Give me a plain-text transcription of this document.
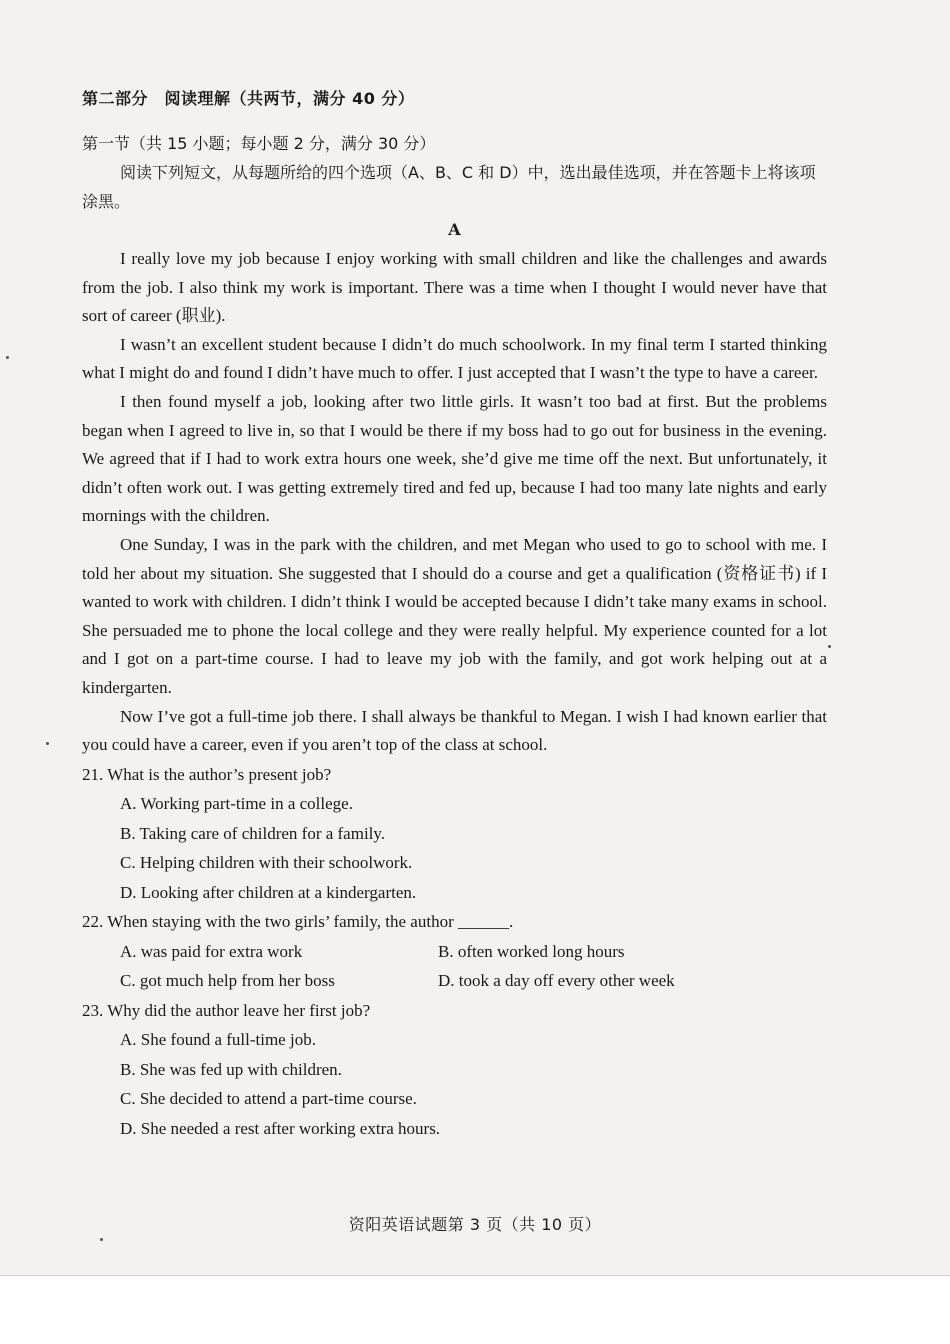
第二部分　阅读理解（共两节，满分 40 分）
第一节（共 15 小题；每小题 2 分，满分 30 分）
阅读下列短文，从每题所给的四个选项（A、B、C 和 D）中，选出最佳选项，并在答题卡上将该项涂黑。
A

I really love my job because I enjoy working with small children and like the challenges and awards from the job. I also think my work is important. There was a time when I thought I would never have that sort of career (职业).

I wasn’t an excellent student because I didn’t do much schoolwork. In my final term I started thinking what I might do and found I didn’t have much to offer. I just accepted that I wasn’t the type to have a career.

I then found myself a job, looking after two little girls. It wasn’t too bad at first. But the problems began when I agreed to live in, so that I would be there if my boss had to go out for business in the evening. We agreed that if I had to work extra hours one week, she’d give me time off the next. But unfortunately, it didn’t often work out. I was getting extremely tired and fed up, because I had too many late nights and early mornings with the children.

One Sunday, I was in the park with the children, and met Megan who used to go to school with me. I told her about my situation. She suggested that I should do a course and get a qualification (资格证书) if I wanted to work with children. I didn’t think I would be accepted because I didn’t take many exams in school. She persuaded me to phone the local college and they were really helpful. My experience counted for a lot and I got on a part-time course. I had to leave my job with the family, and got work helping out at a kindergarten.

Now I’ve got a full-time job there. I shall always be thankful to Megan. I wish I had known earlier that you could have a career, even if you aren’t top of the class at school.

21. What is the author’s present job?

A. Working part-time in a college.

B. Taking care of children for a family.

C. Helping children with their schoolwork.

D. Looking after children at a kindergarten.

22. When staying with the two girls’ family, the author ______.

A. was paid for extra work	B. often worked long hours

C. got much help from her boss	D. took a day off every other week

23. Why did the author leave her first job?

A. She found a full-time job.

B. She was fed up with children.

C. She decided to attend a part-time course.

D. She needed a rest after working extra hours.

资阳英语试题第 3 页（共 10 页）
